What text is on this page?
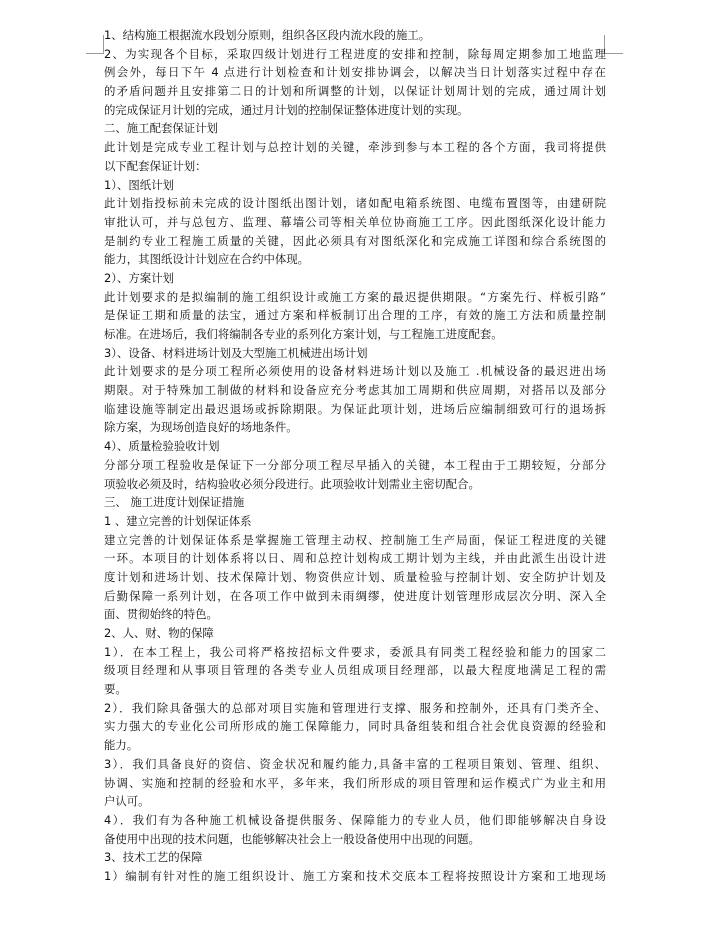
1、结构施工根据流水段划分原则，组织各区段内流水段的施工。
2、为实现各个目标，采取四级计划进行工程进度的安排和控制，除每周定期参加工地监理
例会外，每日下午 4 点进行计划检查和计划安排协调会，以解决当日计划落实过程中存在
的矛盾问题并且安排第二日的计划和所调整的计划，以保证计划周计划的完成，通过周计划
的完成保证月计划的完成，通过月计划的控制保证整体进度计划的实现。
二、施工配套保证计划
此计划是完成专业工程计划与总控计划的关键，牵涉到参与本工程的各个方面，我司将提供
以下配套保证计划：
1）、图纸计划
此计划指投标前未完成的设计图纸出图计划，诸如配电箱系统图、电缆布置图等，由建研院
审批认可，并与总包方、监理、幕墙公司等相关单位协商施工工序。因此图纸深化设计能力
是制约专业工程施工质量的关键，因此必须具有对图纸深化和完成施工详图和综合系统图的
能力，其图纸设计计划应在合约中体现。
2）、方案计划
此计划要求的是拟编制的施工组织设计或施工方案的最迟提供期限。“方案先行、样板引路”
是保证工期和质量的法宝，通过方案和样板制订出合理的工序，有效的施工方法和质量控制
标准。在进场后，我们将编制各专业的系列化方案计划，与工程施工进度配套。
3）、设备、材料进场计划及大型施工机械进出场计划
此计划要求的是分项工程所必须使用的设备材料进场计划以及施工 .机械设备的最迟进出场
期限。对于特殊加工制做的材料和设备应充分考虑其加工周期和供应周期，对搭吊以及部分
临建设施等制定出最迟退场或拆除期限。为保证此项计划，进场后应编制细致可行的退场拆
除方案，为现场创造良好的场地条件。
4）、质量检验验收计划
分部分项工程验收是保证下一分部分项工程尽早插入的关键，本工程由于工期较短，分部分
项验收必须及时，结构验收必须分段进行。此项验收计划需业主密切配合。
三、 施工进度计划保证措施
1 、建立完善的计划保证体系
建立完善的计划保证体系是掌握施工管理主动权、控制施工生产局面，保证工程进度的关键
一环。本项目的计划体系将以日、周和总控计划构成工期计划为主线，并由此派生出设计进
度计划和进场计划、技术保障计划、物资供应计划、质量检验与控制计划、安全防护计划及
后勤保障一系列计划，在各项工作中做到未雨绸缪，使进度计划管理形成层次分明、深入全
面、贯彻始终的特色。
2、人、财、物的保障
1）．在本工程上，我公司将严格按招标文件要求，委派具有同类工程经验和能力的国家二
级项目经理和从事项目管理的各类专业人员组成项目经理部，以最大程度地满足工程的需
要。
2）．我们除具备强大的总部对项目实施和管理进行支撑、服务和控制外，还具有门类齐全、
实力强大的专业化公司所形成的施工保障能力，同时具备组装和组合社会优良资源的经验和
能力。
3）．我们具备良好的资信、资金状况和履约能力,具备丰富的工程项目策划、管理、组织、
协调、实施和控制的经验和水平，多年来，我们所形成的项目管理和运作模式广为业主和用
户认可。
4）．我们有为各种施工机械设备提供服务、保障能力的专业人员，他们即能够解决自身设
备使用中出现的技术问题，也能够解决社会上一般设备使用中出现的问题。
3、技术工艺的保障
1）编制有针对性的施工组织设计、施工方案和技术交底本工程将按照设计方案和工地现场
